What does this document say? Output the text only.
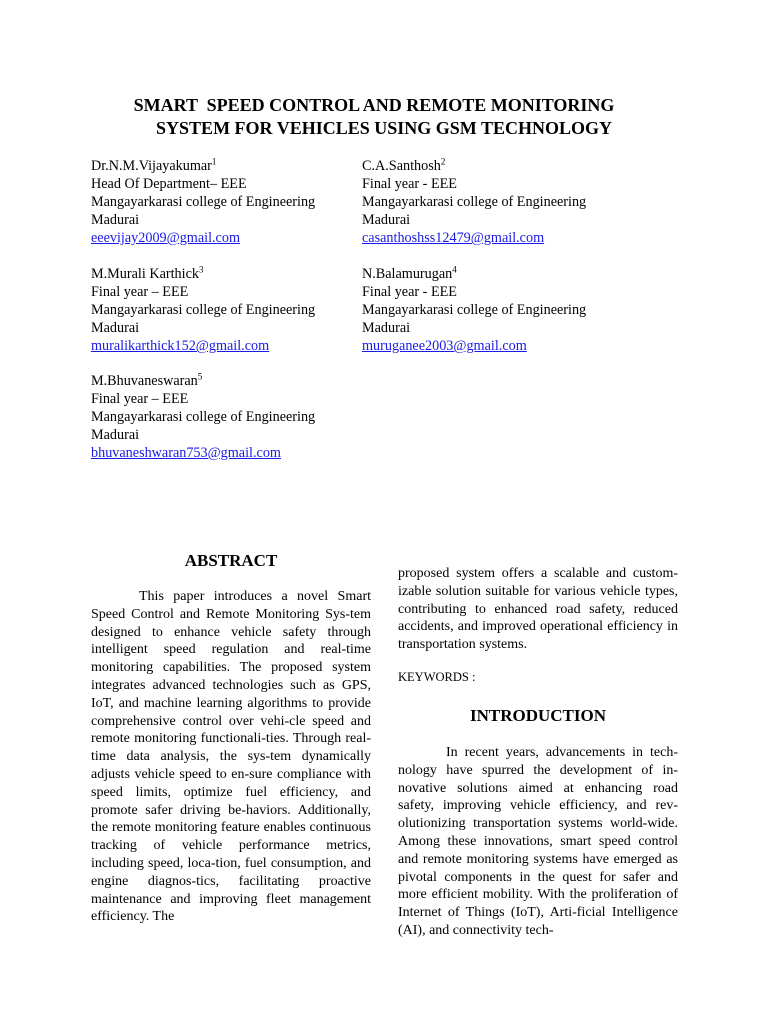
SMART  SPEED CONTROL AND REMOTE MONITORING
SYSTEM FOR VEHICLES USING GSM TECHNOLOGY
Dr.N.M.Vijayakumar$^1$
Head Of Department– EEE
Mangayarkarasi college of Engineering
Madurai
eeevijay2009@gmail.com
C.A.Santhosh$^2$
Final year - EEE
Mangayarkarasi college of Engineering
Madurai
casanthoshss12479@gmail.com
M.Murali Karthick$^3$
Final year – EEE
Mangayarkarasi college of Engineering
Madurai
muralikarthick152@gmail.com
N.Balamurugan$^4$
Final year - EEE
Mangayarkarasi college of Engineering
Madurai
muruganee2003@gmail.com
M.Bhuvaneswaran$^5$
Final year – EEE
Mangayarkarasi college of Engineering
Madurai
bhuvaneshwaran753@gmail.com
ABSTRACT

This paper introduces a novel Smart Speed Control and Remote Monitoring Sys-tem designed to enhance vehicle safety through intelligent speed regulation and real-time monitoring capabilities. The proposed system integrates advanced technologies such as GPS, IoT, and machine learning algorithms to provide comprehensive control over vehi-cle speed and remote monitoring functionali-ties. Through real-time data analysis, the sys-tem dynamically adjusts vehicle speed to en-sure compliance with speed limits, optimize fuel efficiency, and promote safer driving be-haviors. Additionally, the remote monitoring feature enables continuous tracking of vehicle performance metrics, including speed, loca-tion, fuel consumption, and engine diagnos-tics, facilitating proactive maintenance and improving fleet management efficiency. The

proposed system offers a scalable and custom-izable solution suitable for various vehicle types, contributing to enhanced road safety, reduced accidents, and improved operational efficiency in transportation systems.

KEYWORDS :
INTRODUCTION

In recent years, advancements in tech-nology have spurred the development of in-novative solutions aimed at enhancing road safety, improving vehicle efficiency, and rev-olutionizing transportation systems world-wide. Among these innovations, smart speed control and remote monitoring systems have emerged as pivotal components in the quest for safer and more efficient mobility. With the proliferation of Internet of Things (IoT), Arti-ficial Intelligence (AI), and connectivity tech-
